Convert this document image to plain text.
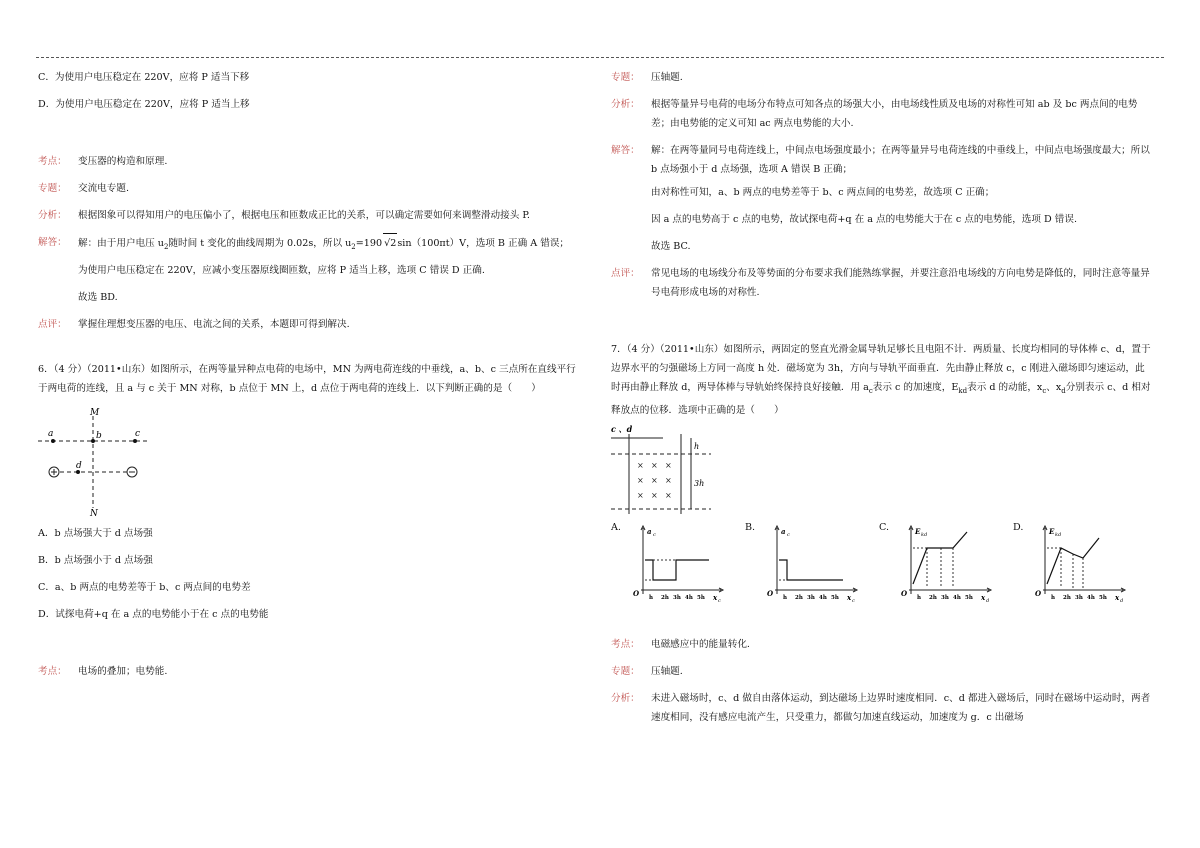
C．为使用户电压稳定在 220V，应将 P 适当下移

D．为使用户电压稳定在 220V，应将 P 适当上移

考点：	变压器的构造和原理.
专题：	交流电专题.
分析：	根据图象可以得知用户的电压偏小了，根据电压和匝数成正比的关系，可以确定需要如何来调整滑动接头 P.
解答：	解：由于用户电压 $u_2$随时间 t 变化的曲线周期为 0.02s，所以 $u_2=190$ √2sin（100πt）V，选项 B 正确 A 错误；
为使用户电压稳定在 220V，应减小变压器原线圈匝数，应将 P 适当上移，选项 C 错误 D 正确.
故选 BD.
点评：	掌握住理想变压器的电压、电流之间的关系，本题即可得到解决.

6．（4 分）（2011•山东）如图所示，在两等量异种点电荷的电场中，MN 为两电荷连线的中垂线，a、b、c 三点所在直线平行于两电荷的连线，且 a 与 c 关于 MN 对称，b 点位于 MN 上，d 点位于两电荷的连线上．以下判断正确的是（　　）

M
N
a	b	c
d

A．b 点场强大于 d 点场强

B．b 点场强小于 d 点场强

C．a、b 两点的电势差等于 b、c 两点间的电势差

D．试探电荷+q 在 a 点的电势能小于在 c 点的电势能

考点：	电场的叠加；电势能.
专题：	压轴题.
分析：	根据等量异号电荷的电场分布特点可知各点的场强大小，由电场线性质及电场的对称性可知 ab 及 bc 两点间的电势差；由电势能的定义可知 ac 两点电势能的大小.
解答：	解：在两等量同号电荷连线上，中间点电场强度最小；在两等量异号电荷连线的中垂线上，中间点电场强度最大；所以 b 点场强小于 d 点场强，选项 A 错误 B 正确；
由对称性可知，a、b 两点的电势差等于 b、c 两点间的电势差，故选项 C 正确；
因 a 点的电势高于 c 点的电势，故试探电荷+q 在 a 点的电势能大于在 c 点的电势能，选项 D 错误.
故选 BC.
点评：	常见电场的电场线分布及等势面的分布要求我们能熟练掌握，并要注意沿电场线的方向电势是降低的，同时注意等量异号电荷形成电场的对称性.

7．（4 分）（2011•山东）如图所示，两固定的竖直光滑金属导轨足够长且电阻不计．两质量、长度均相同的导体棒 c、d，置于边界水平的匀强磁场上方同一高度 h 处．磁场宽为 3h，方向与导轨平面垂直．先由静止释放 c，c 刚进入磁场即匀速运动，此时再由静止释放 d，两导体棒与导轨始终保持良好接触．用 $a_c$表示 c 的加速度，$E_{kd}$表示 d 的动能，$x_c$、$x_d$分别表示 c、d 相对释放点的位移．选项中正确的是（　　）

c 、d
h
3h
× × ×
× × ×
× × ×
A.	a c
x c
O h 2h 3h 4h 5h
B.	a c
x c
O h 2h 3h 4h 5h
C.	E kd
x d
O h 2h 3h 4h 5h
D.	E kd
x d
O h 2h 3h 4h 5h
考点：	电磁感应中的能量转化.
专题：	压轴题.
分析：	未进入磁场时，c、d 做自由落体运动，到达磁场上边界时速度相同．c、d 都进入磁场后，同时在磁场中运动时，两者速度相同，没有感应电流产生，只受重力，都做匀加速直线运动，加速度为 g．c 出磁场
